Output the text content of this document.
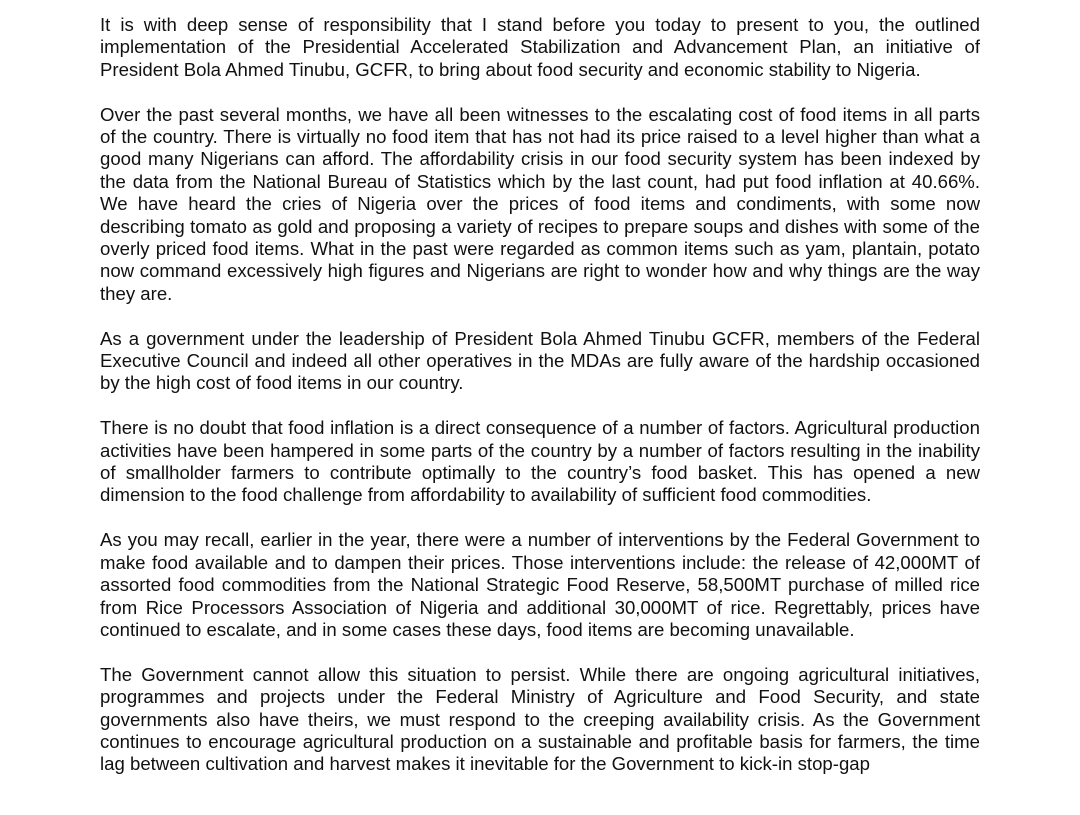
It is with deep sense of responsibility that I stand before you today to present to you, the outlined implementation of the Presidential Accelerated Stabilization and Advancement Plan, an initiative of President Bola Ahmed Tinubu, GCFR, to bring about food security and economic stability to Nigeria.

Over the past several months, we have all been witnesses to the escalating cost of food items in all parts of the country. There is virtually no food item that has not had its price raised to a level higher than what a good many Nigerians can afford. The affordability crisis in our food security system has been indexed by the data from the National Bureau of Statistics which by the last count, had put food inflation at 40.66%. We have heard the cries of Nigeria over the prices of food items and condiments, with some now describing tomato as gold and proposing a variety of recipes to prepare soups and dishes with some of the overly priced food items. What in the past were regarded as common items such as yam, plantain, potato now command excessively high figures and Nigerians are right to wonder how and why things are the way they are.

As a government under the leadership of President Bola Ahmed Tinubu GCFR, members of the Federal Executive Council and indeed all other operatives in the MDAs are fully aware of the hardship occasioned by the high cost of food items in our country.

There is no doubt that food inflation is a direct consequence of a number of factors. Agricultural production activities have been hampered in some parts of the country by a number of factors resulting in the inability of smallholder farmers to contribute optimally to the country’s food basket. This has opened a new dimension to the food challenge from affordability to availability of sufficient food commodities.

As you may recall, earlier in the year, there were a number of interventions by the Federal Government to make food available and to dampen their prices. Those interventions include: the release of 42,000MT of assorted food commodities from the National Strategic Food Reserve, 58,500MT purchase of milled rice from Rice Processors Association of Nigeria and additional 30,000MT of rice. Regrettably, prices have continued to escalate, and in some cases these days, food items are becoming unavailable.

The Government cannot allow this situation to persist. While there are ongoing agricultural initiatives, programmes and projects under the Federal Ministry of Agriculture and Food Security, and state governments also have theirs, we must respond to the creeping availability crisis. As the Government continues to encourage agricultural production on a sustainable and profitable basis for farmers, the time lag between cultivation and harvest makes it inevitable for the Government to kick-in stop-gap
